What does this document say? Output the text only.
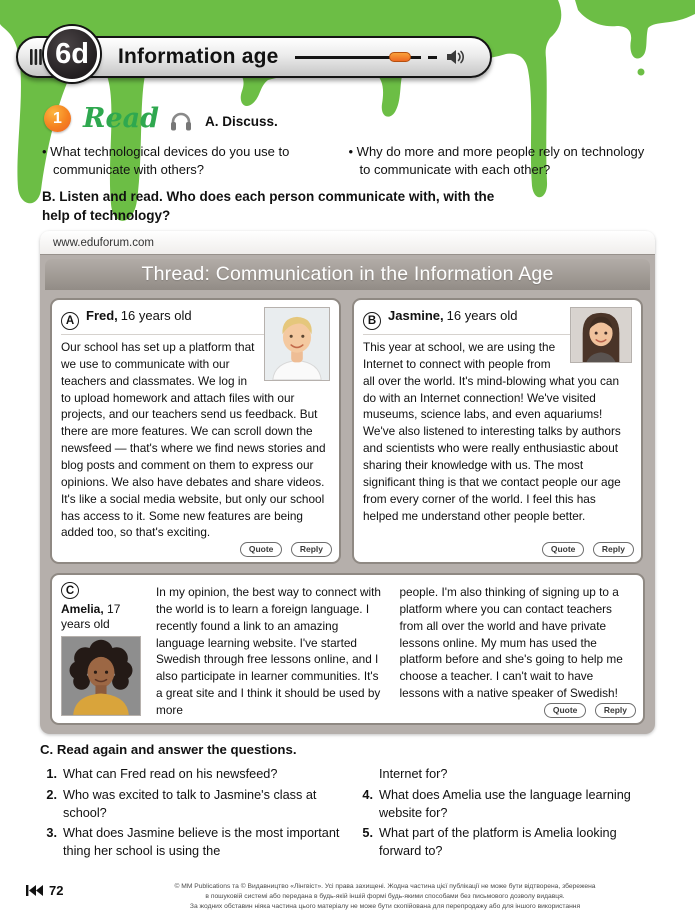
Information age
6d
1 Read	A. Discuss.
• What technological devices do you use to communicate with others?
• Why do more and more people rely on technology to communicate with each other?
B. Listen and read. Who does each person communicate with, with the help of technology?
www.eduforum.com
Thread: Communication in the Information Age
A Fred, 16 years old
Our school has set up a platform that we use to communicate with our teachers and classmates. We log in to upload homework and attach files with our projects, and our teachers send us feedback. But there are more features. We can scroll down the newsfeed — that's where we find news stories and blog posts and comment on them to express our opinions. We also have debates and share videos. It's like a social media website, but only our school has access to it. Some new features are being added too, so that's exciting.
Quote	Reply
B Jasmine, 16 years old
This year at school, we are using the Internet to connect with people from all over the world. It's mind-blowing what you can do with an Internet connection! We've visited museums, science labs, and even aquariums! We've also listened to interesting talks by authors and scientists who were really enthusiastic about sharing their knowledge with us. The most significant thing is that we contact people our age from every corner of the world. I feel this has helped me understand other people better.
Quote	Reply
C
Amelia, 17 years old
In my opinion, the best way to connect with the world is to learn a foreign language. I recently found a link to an amazing language learning website. I've started Swedish through free lessons online, and I also participate in learner communities. It's a great site and I think it should be used by more
people. I'm also thinking of signing up to a platform where you can contact teachers from all over the world and have private lessons online. My mum has used the platform before and she's going to help me choose a teacher. I can't wait to have lessons with a native speaker of Swedish!
Quote	Reply
C. Read again and answer the questions.
1. What can Fred read on his newsfeed?
2. Who was excited to talk to Jasmine's class at school?
3. What does Jasmine believe is the most important thing her school is using the
Internet for?
4. What does Amelia use the language learning website for?
5. What part of the platform is Amelia looking forward to?
72	© MM Publications та © Видавництво «Лінгвіст». Усі права захищені. Жодна частина цієї публікації не може бути відтворена, збережена
в пошуковій системі або передана в будь-якій іншій формі будь-якими способами без письмового дозволу видавця.
За жодних обставин ніяка частина цього матеріалу не може бути скопійована для перепродажу або для іншого використання
